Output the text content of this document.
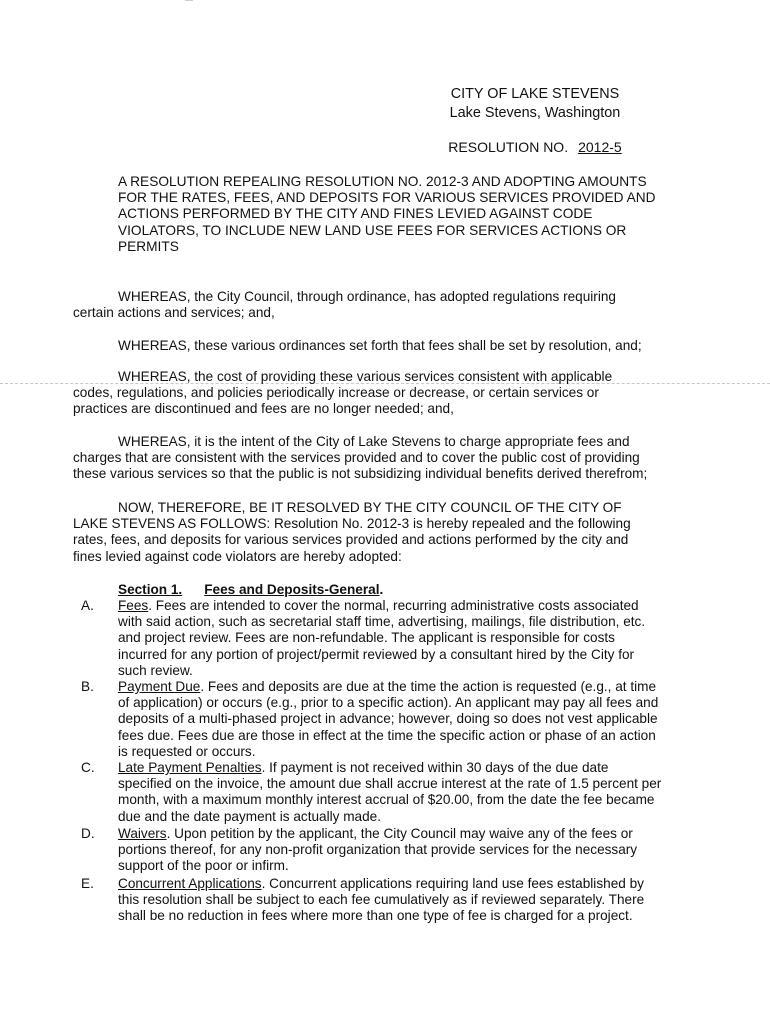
CITY OF LAKE STEVENS
Lake Stevens, Washington
RESOLUTION NO. 2012-5
A RESOLUTION REPEALING RESOLUTION NO. 2012-3 AND ADOPTING AMOUNTS FOR THE RATES, FEES, AND DEPOSITS FOR VARIOUS SERVICES PROVIDED AND ACTIONS PERFORMED BY THE CITY AND FINES LEVIED AGAINST CODE VIOLATORS, TO INCLUDE NEW LAND USE FEES FOR SERVICES ACTIONS OR PERMITS
WHEREAS, the City Council, through ordinance, has adopted regulations requiring certain actions and services; and,
WHEREAS, these various ordinances set forth that fees shall be set by resolution, and;
WHEREAS, the cost of providing these various services consistent with applicable codes, regulations, and policies periodically increase or decrease, or certain services or practices are discontinued and fees are no longer needed; and,
WHEREAS, it is the intent of the City of Lake Stevens to charge appropriate fees and charges that are consistent with the services provided and to cover the public cost of providing these various services so that the public is not subsidizing individual benefits derived therefrom;
NOW, THEREFORE, BE IT RESOLVED BY THE CITY COUNCIL OF THE CITY OF LAKE STEVENS AS FOLLOWS: Resolution No. 2012-3 is hereby repealed and the following rates, fees, and deposits for various services provided and actions performed by the city and fines levied against code violators are hereby adopted:
Section 1. Fees and Deposits-General.
A. Fees. Fees are intended to cover the normal, recurring administrative costs associated with said action, such as secretarial staff time, advertising, mailings, file distribution, etc. and project review. Fees are non-refundable. The applicant is responsible for costs incurred for any portion of project/permit reviewed by a consultant hired by the City for such review.
B. Payment Due. Fees and deposits are due at the time the action is requested (e.g., at time of application) or occurs (e.g., prior to a specific action). An applicant may pay all fees and deposits of a multi-phased project in advance; however, doing so does not vest applicable fees due. Fees due are those in effect at the time the specific action or phase of an action is requested or occurs.
C. Late Payment Penalties. If payment is not received within 30 days of the due date specified on the invoice, the amount due shall accrue interest at the rate of 1.5 percent per month, with a maximum monthly interest accrual of $20.00, from the date the fee became due and the date payment is actually made.
D. Waivers. Upon petition by the applicant, the City Council may waive any of the fees or portions thereof, for any non-profit organization that provide services for the necessary support of the poor or infirm.
E. Concurrent Applications. Concurrent applications requiring land use fees established by this resolution shall be subject to each fee cumulatively as if reviewed separately. There shall be no reduction in fees where more than one type of fee is charged for a project.
